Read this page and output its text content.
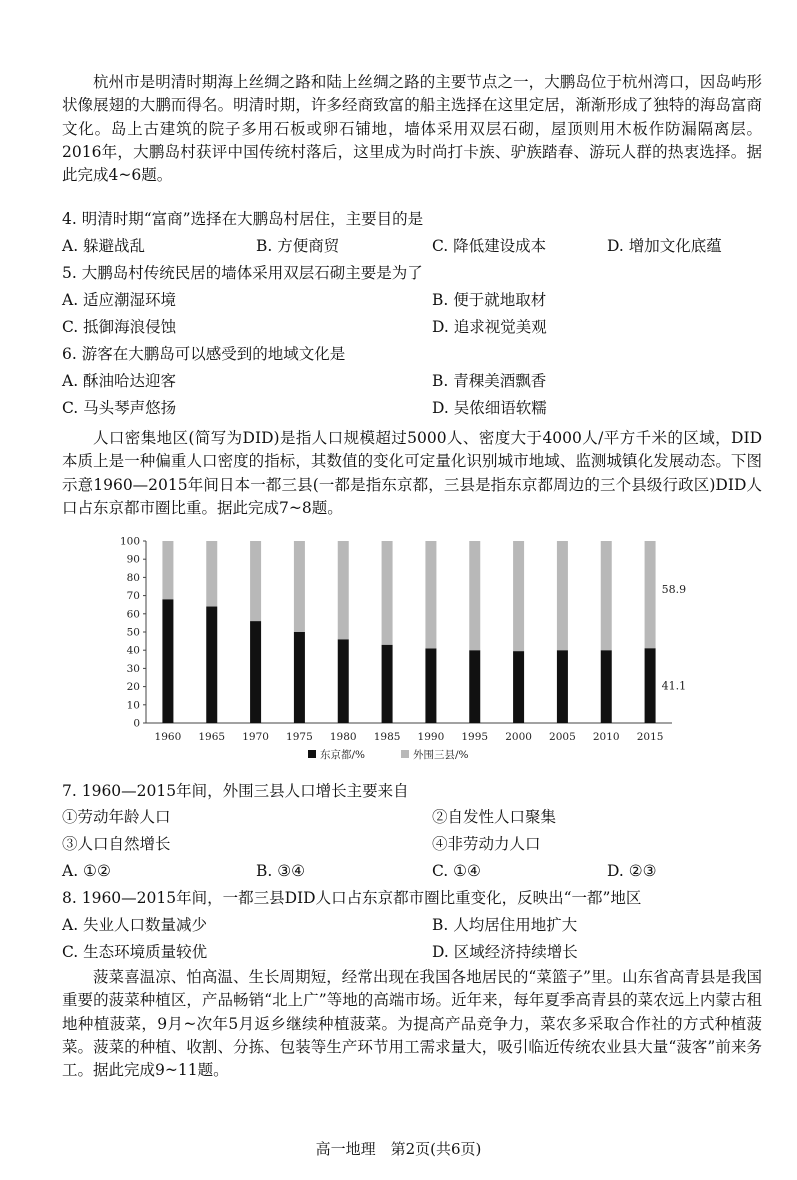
杭州市是明清时期海上丝绸之路和陆上丝绸之路的主要节点之一，大鹏岛位于杭州湾口，因岛屿形状像展翅的大鹏而得名。明清时期，许多经商致富的船主选择在这里定居，渐渐形成了独特的海岛富商文化。岛上古建筑的院子多用石板或卵石铺地，墙体采用双层石砌，屋顶则用木板作防漏隔离层。2016年，大鹏岛村获评中国传统村落后，这里成为时尚打卡族、驴族踏春、游玩人群的热衷选择。据此完成4~6题。
4. 明清时期“富商”选择在大鹏岛村居住，主要目的是
A. 躲避战乱	B. 方便商贸	C. 降低建设成本	D. 增加文化底蕴
5. 大鹏岛村传统民居的墙体采用双层石砌主要是为了
A. 适应潮湿环境	B. 便于就地取材
C. 抵御海浪侵蚀	D. 追求视觉美观
6. 游客在大鹏岛可以感受到的地域文化是
A. 酥油哈达迎客	B. 青稞美酒飘香
C. 马头琴声悠扬	D. 吴侬细语软糯
人口密集地区(简写为DID)是指人口规模超过5000人、密度大于4000人/平方千米的区域，DID本质上是一种偏重人口密度的指标，其数值的变化可定量化识别城市地域、监测城镇化发展动态。下图示意1960—2015年间日本一都三县(一都是指东京都，三县是指东京都周边的三个县级行政区)DID人口占东京都市圈比重。据此完成7~8题。
1960 1965 1970 1975 1980 1985 1990 1995 2000 2005 2010 2015
0
10
20
30
40
50
60
70
80
90
100
58.9
41.1
东京都/%	外围三县/%
7. 1960—2015年间，外围三县人口增长主要来自
①劳动年龄人口	②自发性人口聚集
③人口自然增长	④非劳动力人口
A. ①②	B. ③④	C. ①④	D. ②③
8. 1960—2015年间，一都三县DID人口占东京都市圈比重变化，反映出“一都”地区
A. 失业人口数量减少	B. 人均居住用地扩大
C. 生态环境质量较优	D. 区域经济持续增长
菠菜喜温凉、怕高温、生长周期短，经常出现在我国各地居民的“菜篮子”里。山东省高青县是我国重要的菠菜种植区，产品畅销“北上广”等地的高端市场。近年来，每年夏季高青县的菜农远上内蒙古租地种植菠菜，9月~次年5月返乡继续种植菠菜。为提高产品竞争力，菜农多采取合作社的方式种植菠菜。菠菜的种植、收割、分拣、包装等生产环节用工需求量大，吸引临近传统农业县大量“菠客”前来务工。据此完成9~11题。
高一地理　第2页(共6页)
